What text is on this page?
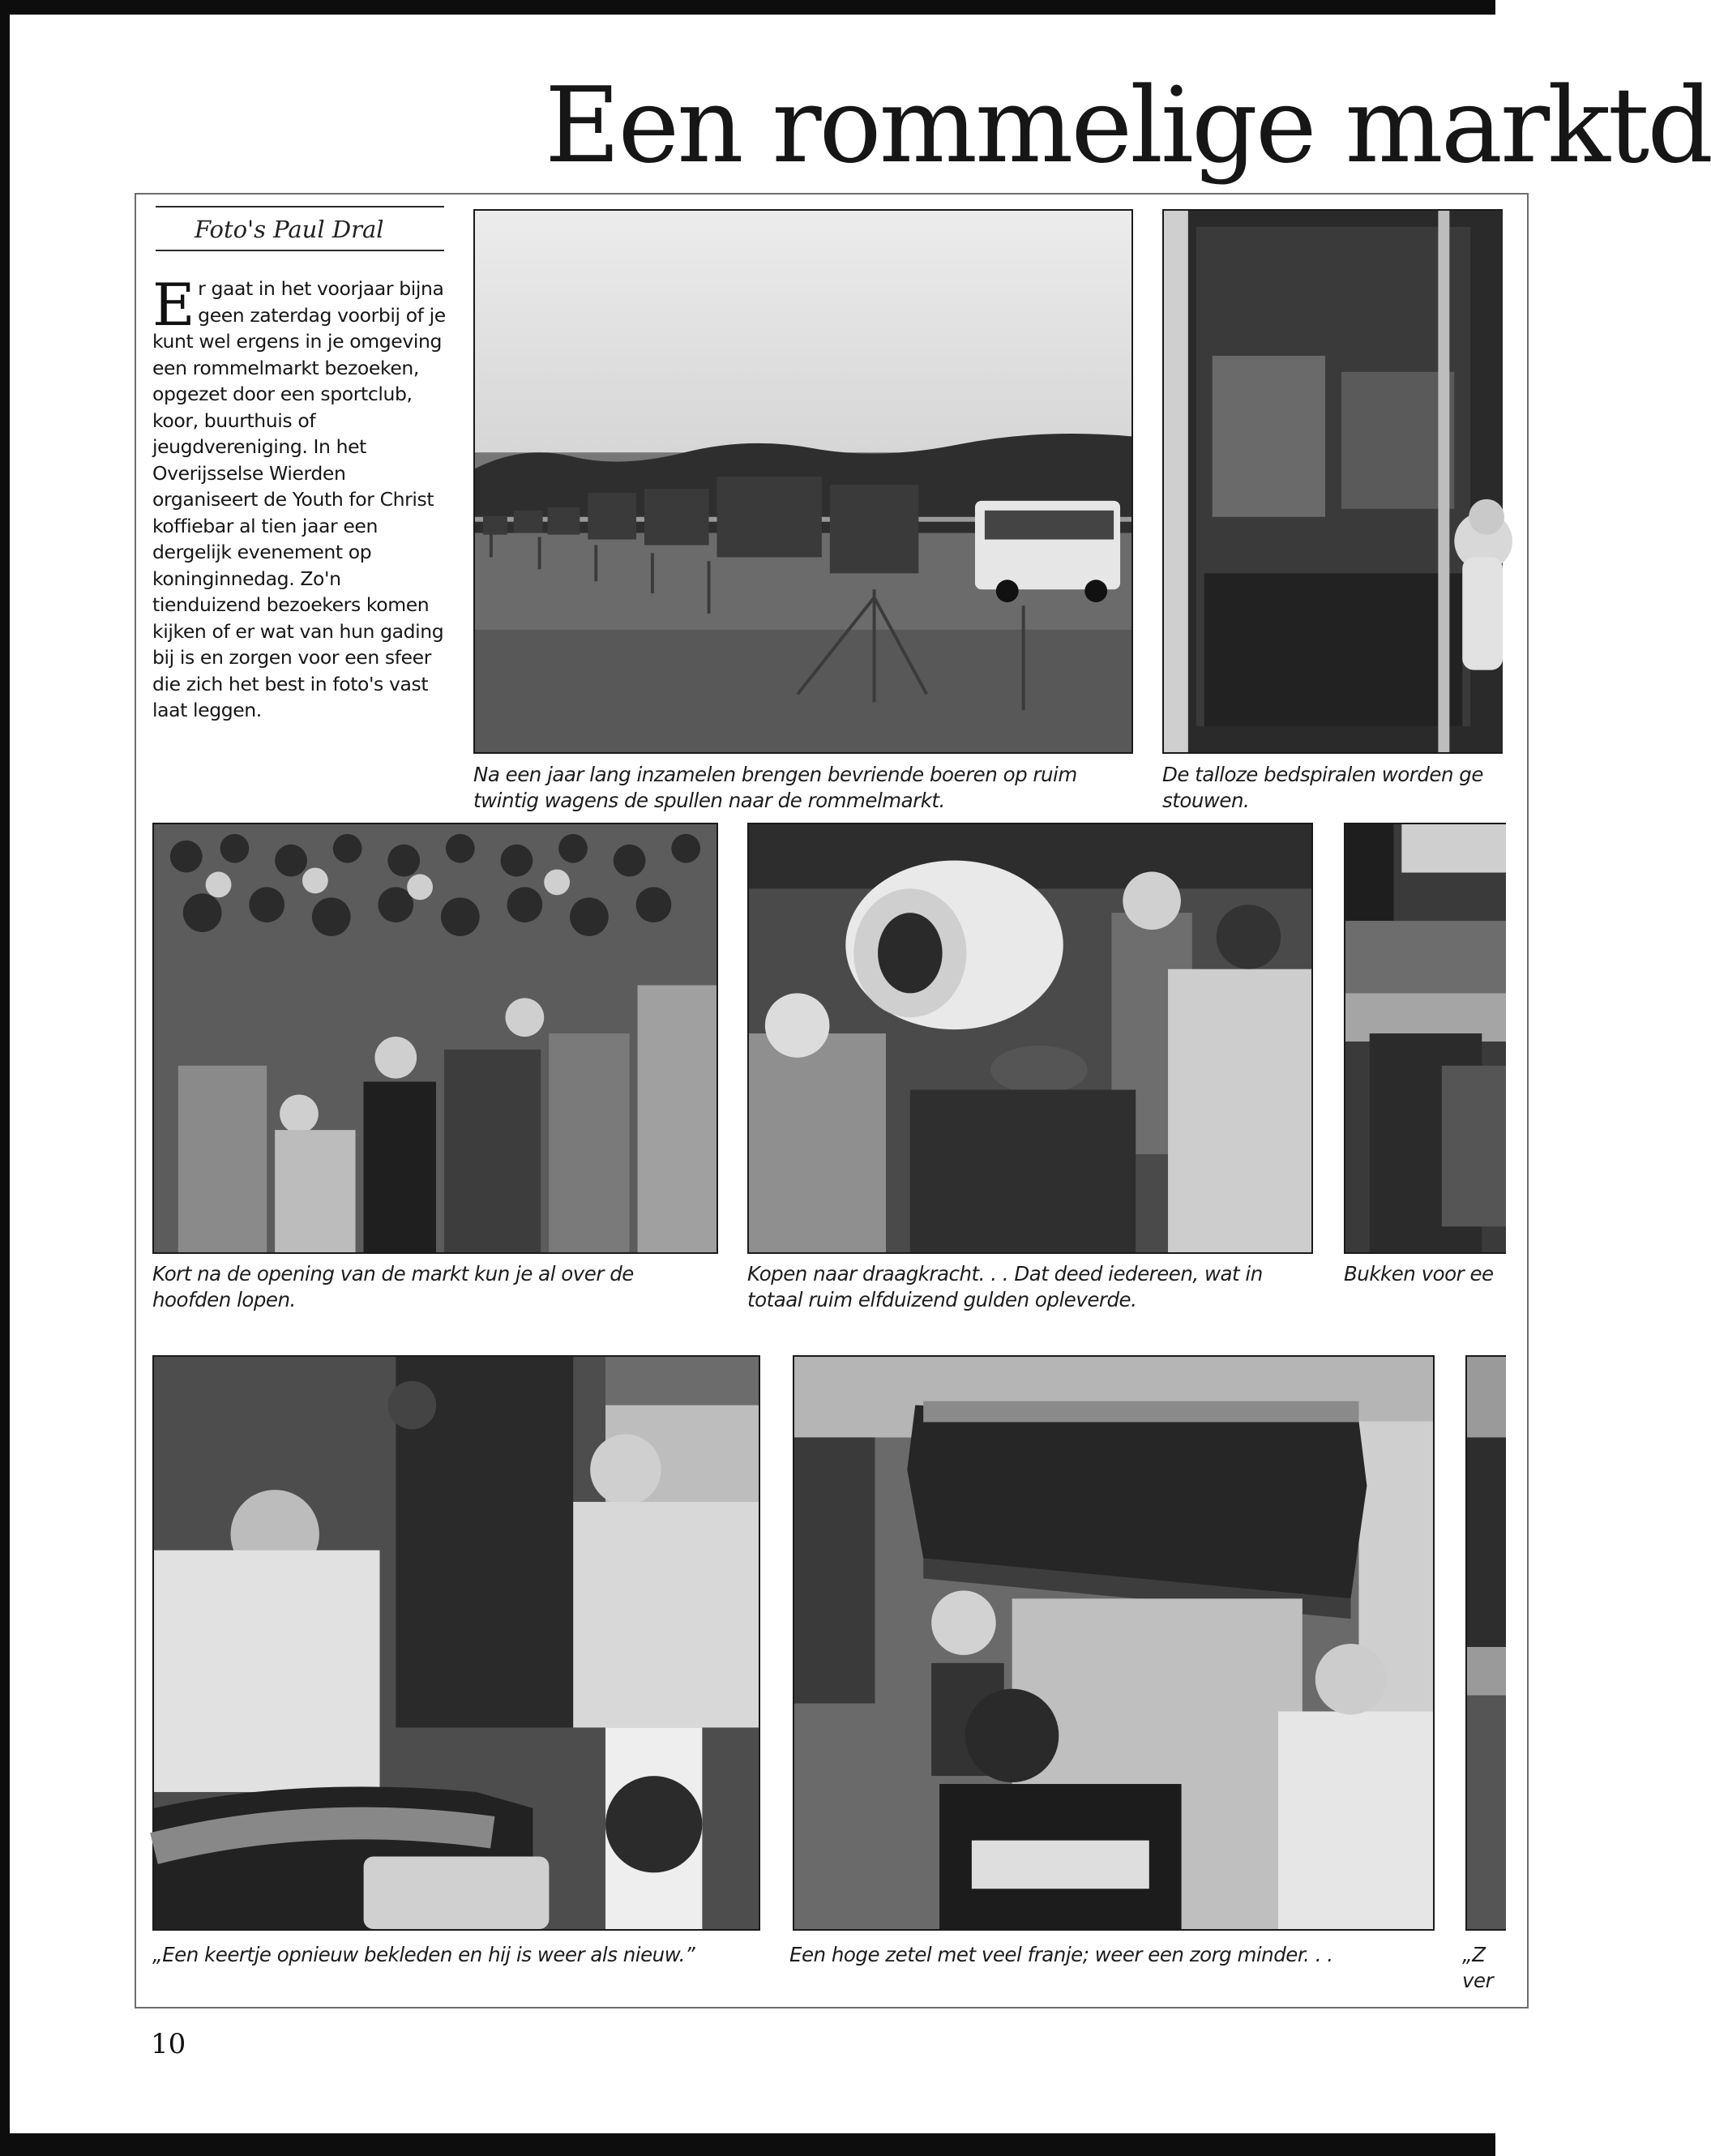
Een rommelige marktd
Foto's Paul Dral

Er gaat in het voorjaar bijna geen zaterdag voorbij of je kunt wel ergens in je omgeving een rommelmarkt bezoeken, opgezet door een sportclub, koor, buurthuis of jeugdvereniging. In het Overijsselse Wierden organiseert de Youth for Christ koffiebar al tien jaar een dergelijk evenement op koninginnedag. Zo'n tienduizend bezoekers komen kijken of er wat van hun gading bij is en zorgen voor een sfeer die zich het best in foto's vast laat leggen.

Na een jaar lang inzamelen brengen bevriende boeren op ruim
twintig wagens de spullen naar de rommelmarkt.
De talloze bedspiralen worden ge
stouwen.
Kort na de opening van de markt kun je al over de
hoofden lopen.
Kopen naar draagkracht. . . Dat deed iedereen, wat in
totaal ruim elfduizend gulden opleverde.
Bukken voor ee
„Een keertje opnieuw bekleden en hij is weer als nieuw.”	Een hoge zetel met veel franje; weer een zorg minder. . .	„Z
ver
10
